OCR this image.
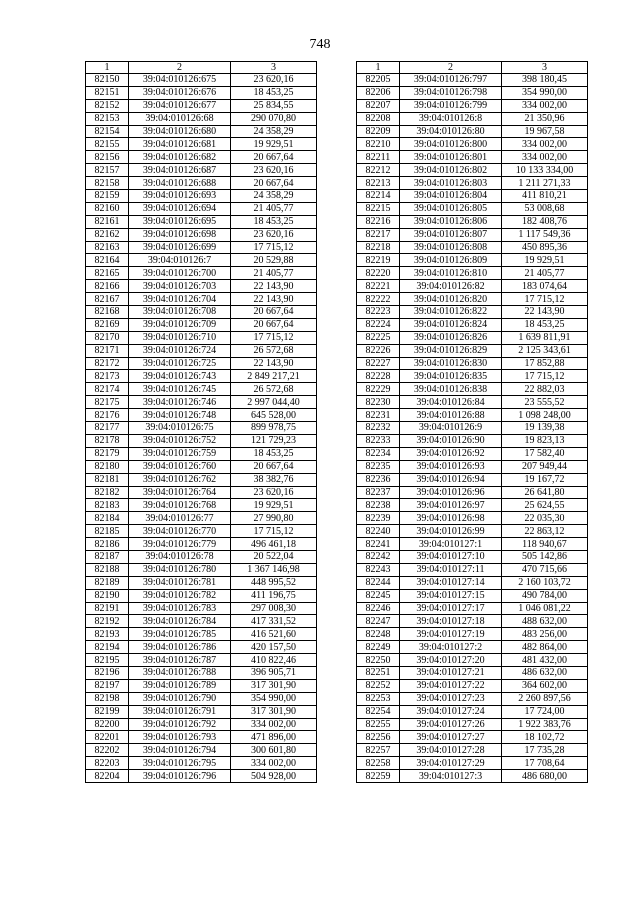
748
1	2	3
82150	39:04:010126:675	23 620,16
82151	39:04:010126:676	18 453,25
82152	39:04:010126:677	25 834,55
82153	39:04:010126:68	290 070,80
82154	39:04:010126:680	24 358,29
82155	39:04:010126:681	19 929,51
82156	39:04:010126:682	20 667,64
82157	39:04:010126:687	23 620,16
82158	39:04:010126:688	20 667,64
82159	39:04:010126:693	24 358,29
82160	39:04:010126:694	21 405,77
82161	39:04:010126:695	18 453,25
82162	39:04:010126:698	23 620,16
82163	39:04:010126:699	17 715,12
82164	39:04:010126:7	20 529,88
82165	39:04:010126:700	21 405,77
82166	39:04:010126:703	22 143,90
82167	39:04:010126:704	22 143,90
82168	39:04:010126:708	20 667,64
82169	39:04:010126:709	20 667,64
82170	39:04:010126:710	17 715,12
82171	39:04:010126:724	26 572,68
82172	39:04:010126:725	22 143,90
82173	39:04:010126:743	2 849 217,21
82174	39:04:010126:745	26 572,68
82175	39:04:010126:746	2 997 044,40
82176	39:04:010126:748	645 528,00
82177	39:04:010126:75	899 978,75
82178	39:04:010126:752	121 729,23
82179	39:04:010126:759	18 453,25
82180	39:04:010126:760	20 667,64
82181	39:04:010126:762	38 382,76
82182	39:04:010126:764	23 620,16
82183	39:04:010126:768	19 929,51
82184	39:04:010126:77	27 990,80
82185	39:04:010126:770	17 715,12
82186	39:04:010126:779	496 461,18
82187	39:04:010126:78	20 522,04
82188	39:04:010126:780	1 367 146,98
82189	39:04:010126:781	448 995,52
82190	39:04:010126:782	411 196,75
82191	39:04:010126:783	297 008,30
82192	39:04:010126:784	417 331,52
82193	39:04:010126:785	416 521,60
82194	39:04:010126:786	420 157,50
82195	39:04:010126:787	410 822,46
82196	39:04:010126:788	396 905,71
82197	39:04:010126:789	317 301,90
82198	39:04:010126:790	354 990,00
82199	39:04:010126:791	317 301,90
82200	39:04:010126:792	334 002,00
82201	39:04:010126:793	471 896,00
82202	39:04:010126:794	300 601,80
82203	39:04:010126:795	334 002,00
82204	39:04:010126:796	504 928,00
1	2	3
82205	39:04:010126:797	398 180,45
82206	39:04:010126:798	354 990,00
82207	39:04:010126:799	334 002,00
82208	39:04:010126:8	21 350,96
82209	39:04:010126:80	19 967,58
82210	39:04:010126:800	334 002,00
82211	39:04:010126:801	334 002,00
82212	39:04:010126:802	10 133 334,00
82213	39:04:010126:803	1 211 271,33
82214	39:04:010126:804	411 810,21
82215	39:04:010126:805	53 008,68
82216	39:04:010126:806	182 408,76
82217	39:04:010126:807	1 117 549,36
82218	39:04:010126:808	450 895,36
82219	39:04:010126:809	19 929,51
82220	39:04:010126:810	21 405,77
82221	39:04:010126:82	183 074,64
82222	39:04:010126:820	17 715,12
82223	39:04:010126:822	22 143,90
82224	39:04:010126:824	18 453,25
82225	39:04:010126:826	1 639 811,91
82226	39:04:010126:829	2 125 343,61
82227	39:04:010126:830	17 852,88
82228	39:04:010126:835	17 715,12
82229	39:04:010126:838	22 882,03
82230	39:04:010126:84	23 555,52
82231	39:04:010126:88	1 098 248,00
82232	39:04:010126:9	19 139,38
82233	39:04:010126:90	19 823,13
82234	39:04:010126:92	17 582,40
82235	39:04:010126:93	207 949,44
82236	39:04:010126:94	19 167,72
82237	39:04:010126:96	26 641,80
82238	39:04:010126:97	25 624,55
82239	39:04:010126:98	22 035,30
82240	39:04:010126:99	22 863,12
82241	39:04:010127:1	118 940,67
82242	39:04:010127:10	505 142,86
82243	39:04:010127:11	470 715,66
82244	39:04:010127:14	2 160 103,72
82245	39:04:010127:15	490 784,00
82246	39:04:010127:17	1 046 081,22
82247	39:04:010127:18	488 632,00
82248	39:04:010127:19	483 256,00
82249	39:04:010127:2	482 864,00
82250	39:04:010127:20	481 432,00
82251	39:04:010127:21	486 632,00
82252	39:04:010127:22	364 602,00
82253	39:04:010127:23	2 260 897,56
82254	39:04:010127:24	17 724,00
82255	39:04:010127:26	1 922 383,76
82256	39:04:010127:27	18 102,72
82257	39:04:010127:28	17 735,28
82258	39:04:010127:29	17 708,64
82259	39:04:010127:3	486 680,00
